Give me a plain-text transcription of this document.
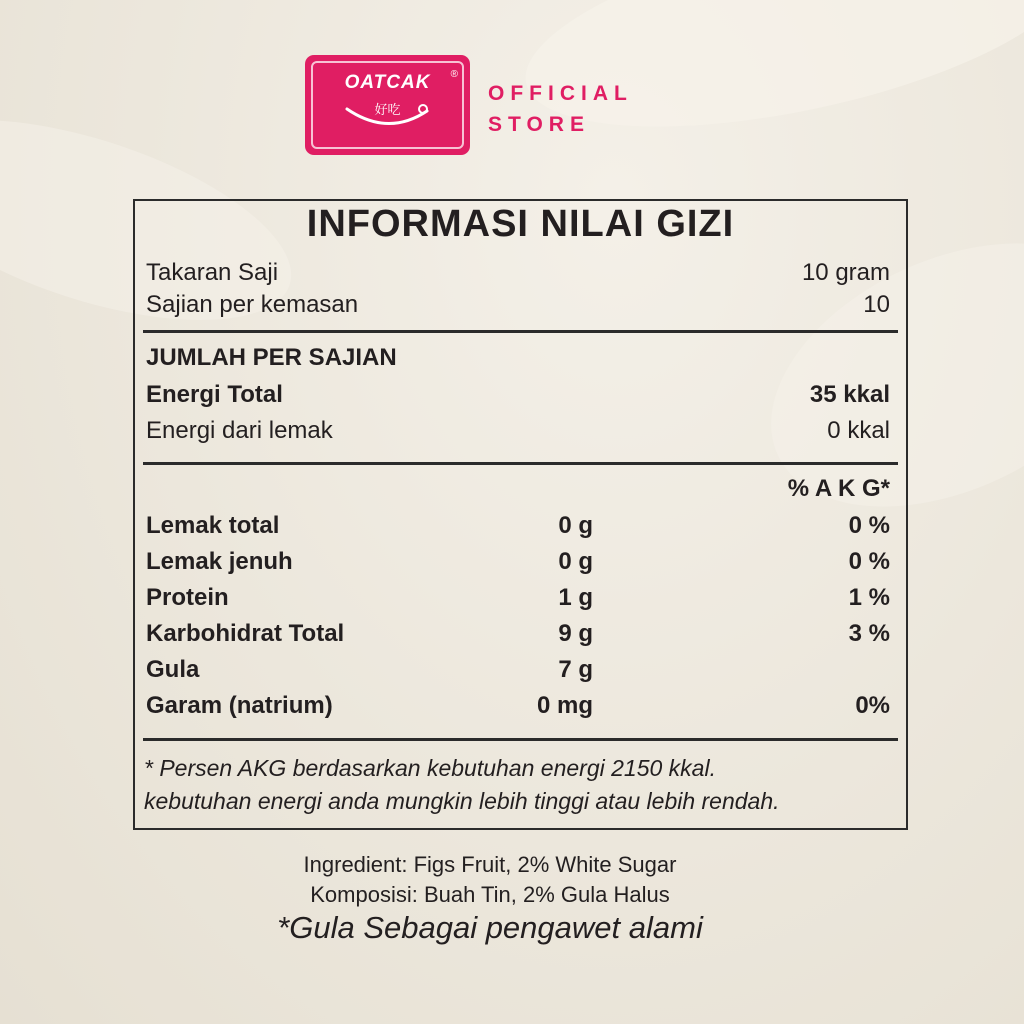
OATCAK	®
好吃
OFFICIAL
STORE
INFORMASI NILAI GIZI
Takaran Saji	10 gram
Sajian per kemasan	10
JUMLAH PER SAJIAN
Energi Total	35 kkal
Energi dari lemak	0 kkal
% A K G*
Lemak total	0 g	0 %
Lemak jenuh	0 g	0 %
Protein	1 g	1 %
Karbohidrat Total	9 g	3 %
Gula	7 g
Garam (natrium)	0 mg	0%
* Persen AKG berdasarkan kebutuhan energi 2150 kkal.
kebutuhan energi anda mungkin lebih tinggi atau lebih rendah.
Ingredient: Figs Fruit, 2% White Sugar
Komposisi: Buah Tin, 2% Gula Halus
*Gula Sebagai pengawet alami
